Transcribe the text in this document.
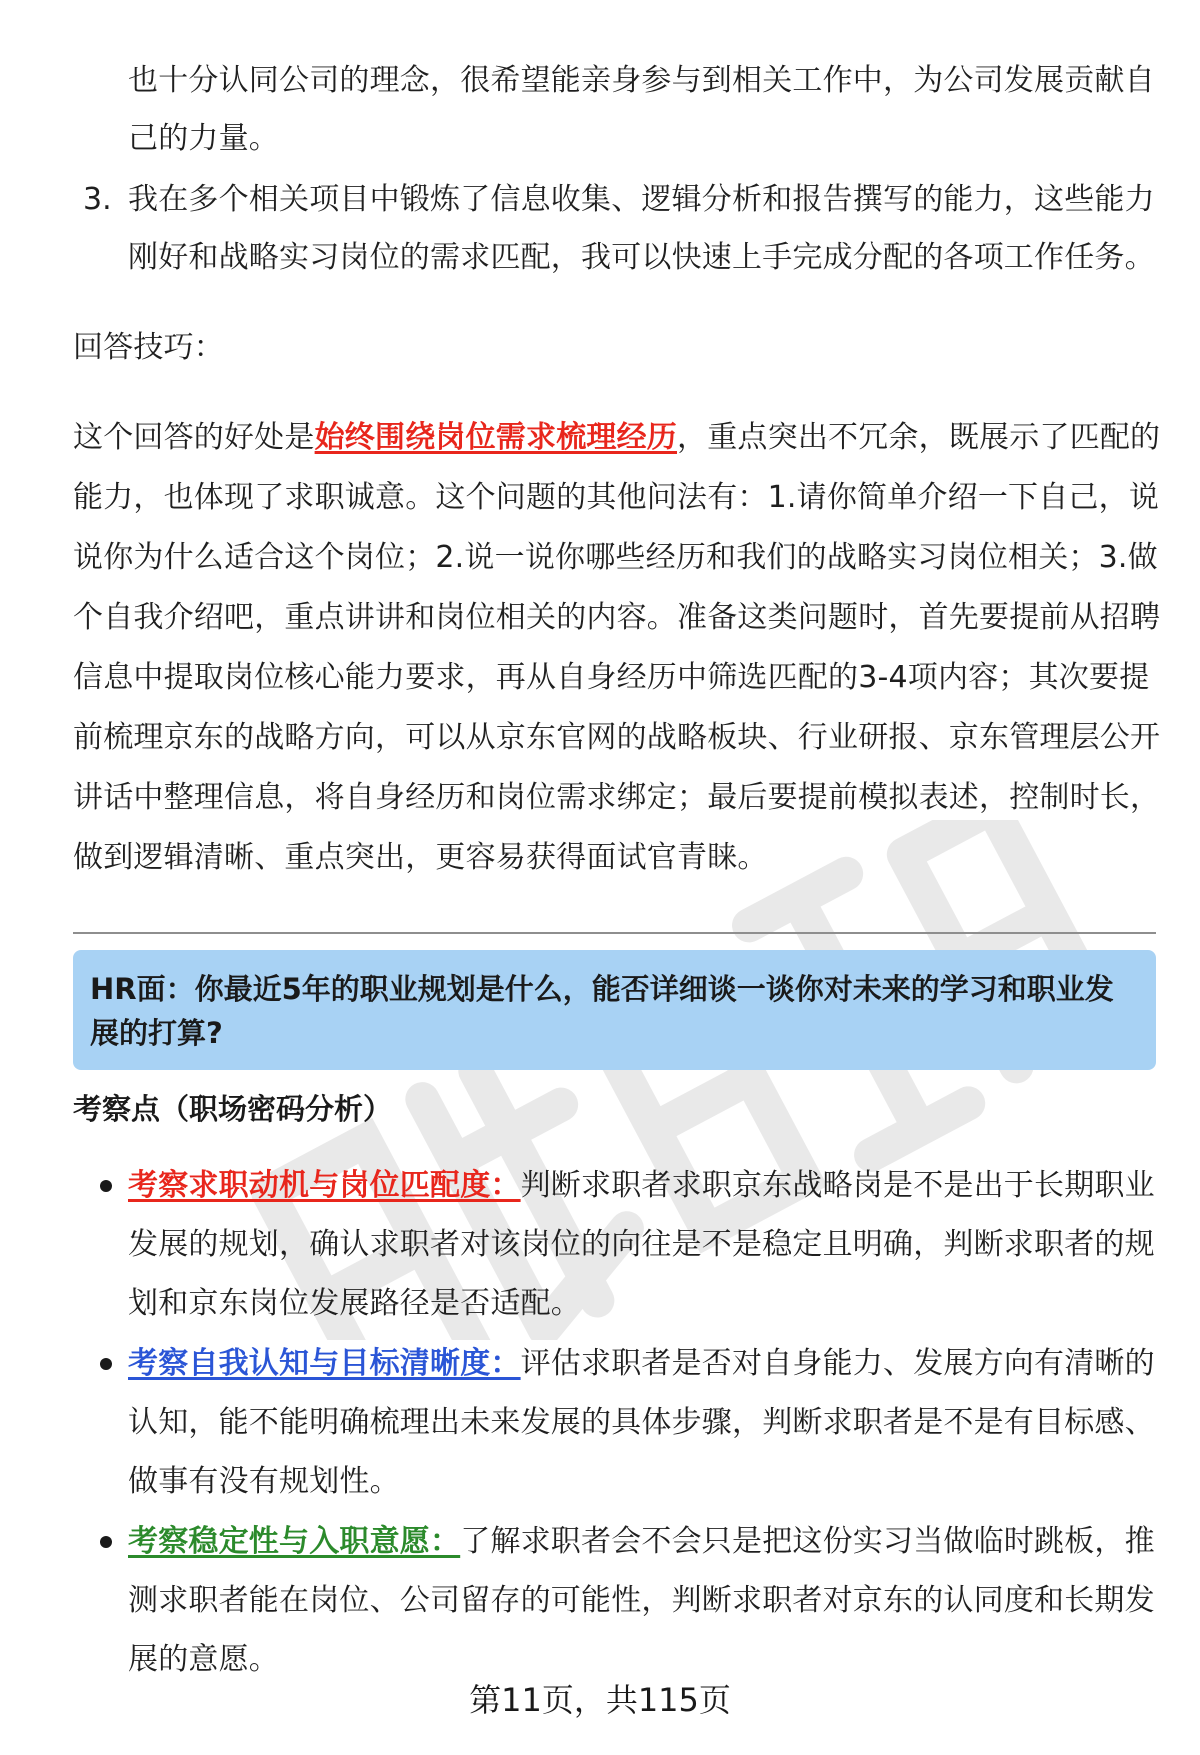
也十分认同公司的理念，很希望能亲身参与到相关工作中，为公司发展贡献自
己的力量。
3. 我在多个相关项目中锻炼了信息收集、逻辑分析和报告撰写的能力，这些能力
刚好和战略实习岗位的需求匹配，我可以快速上手完成分配的各项工作任务。
回答技巧：
这个回答的好处是始终围绕岗位需求梳理经历，重点突出不冗余，既展示了匹配的
能力，也体现了求职诚意。这个问题的其他问法有：1.请你简单介绍一下自己，说
说你为什么适合这个岗位；2.说一说你哪些经历和我们的战略实习岗位相关；3.做
个自我介绍吧，重点讲讲和岗位相关的内容。准备这类问题时，首先要提前从招聘
信息中提取岗位核心能力要求，再从自身经历中筛选匹配的3-4项内容；其次要提
前梳理京东的战略方向，可以从京东官网的战略板块、行业研报、京东管理层公开
讲话中整理信息，将自身经历和岗位需求绑定；最后要提前模拟表述，控制时长，
做到逻辑清晰、重点突出，更容易获得面试官青睐。
HR面：你最近5年的职业规划是什么，能否详细谈一谈你对未来的学习和职业发
展的打算?
考察点（职场密码分析）
考察求职动机与岗位匹配度：判断求职者求职京东战略岗是不是出于长期职业
发展的规划，确认求职者对该岗位的向往是不是稳定且明确，判断求职者的规
划和京东岗位发展路径是否适配。
考察自我认知与目标清晰度：评估求职者是否对自身能力、发展方向有清晰的
认知，能不能明确梳理出未来发展的具体步骤，判断求职者是不是有目标感、
做事有没有规划性。
考察稳定性与入职意愿：了解求职者会不会只是把这份实习当做临时跳板，推
测求职者能在岗位、公司留存的可能性，判断求职者对京东的认同度和长期发
展的意愿。
第11页，共115页
